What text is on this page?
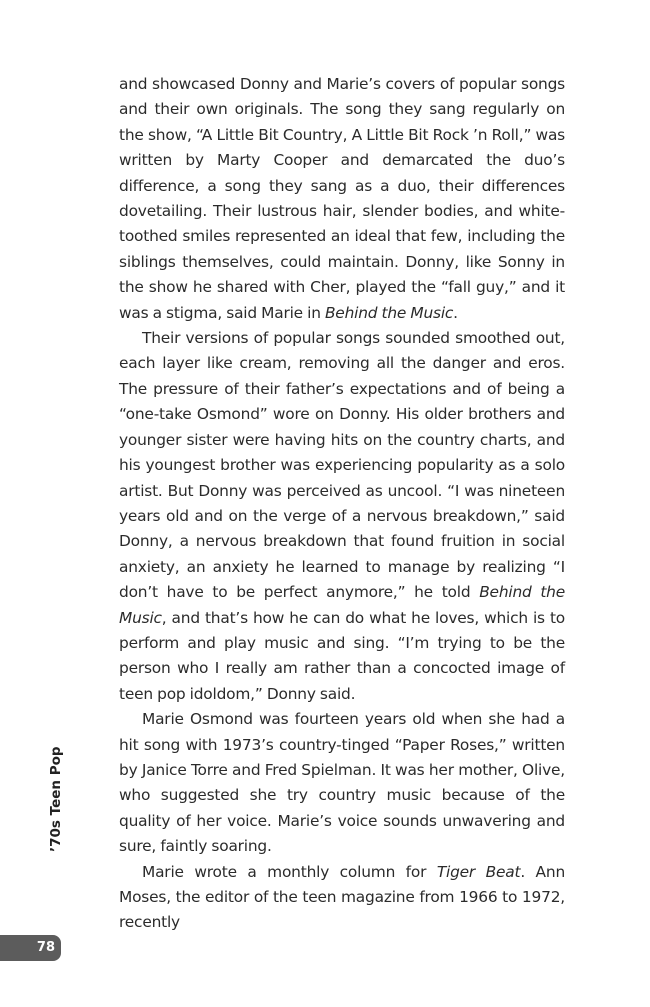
and showcased Donny and Marie’s covers of popular songs and their own originals. The song they sang regularly on the show, “A Little Bit Country, A Little Bit Rock ’n Roll,” was written by Marty Cooper and demarcated the duo’s difference, a song they sang as a duo, their differences dovetailing. Their lustrous hair, slender bodies, and white-toothed smiles represented an ideal that few, including the siblings themselves, could maintain. Donny, like Sonny in the show he shared with Cher, played the “fall guy,” and it was a stigma, said Marie in Behind the Music.

Their versions of popular songs sounded smoothed out, each layer like cream, removing all the danger and eros. The pressure of their father’s expectations and of being a “one-take Osmond” wore on Donny. His older brothers and younger sister were having hits on the country charts, and his youngest brother was experiencing popularity as a solo artist. But Donny was perceived as uncool. “I was nineteen years old and on the verge of a nervous breakdown,” said Donny, a nervous breakdown that found fruition in social anxiety, an anxiety he learned to manage by realizing “I don’t have to be perfect anymore,” he told Behind the Music, and that’s how he can do what he loves, which is to perform and play music and sing. “I’m trying to be the person who I really am rather than a concocted image of teen pop idoldom,” Donny said.

Marie Osmond was fourteen years old when she had a hit song with 1973’s country-tinged “Paper Roses,” written by Janice Torre and Fred Spielman. It was her mother, Olive, who suggested she try country music because of the quality of her voice. Marie’s voice sounds unwavering and sure, faintly soaring.

Marie wrote a monthly column for Tiger Beat. Ann Moses, the editor of the teen magazine from 1966 to 1972, recently

’70s Teen Pop
78
